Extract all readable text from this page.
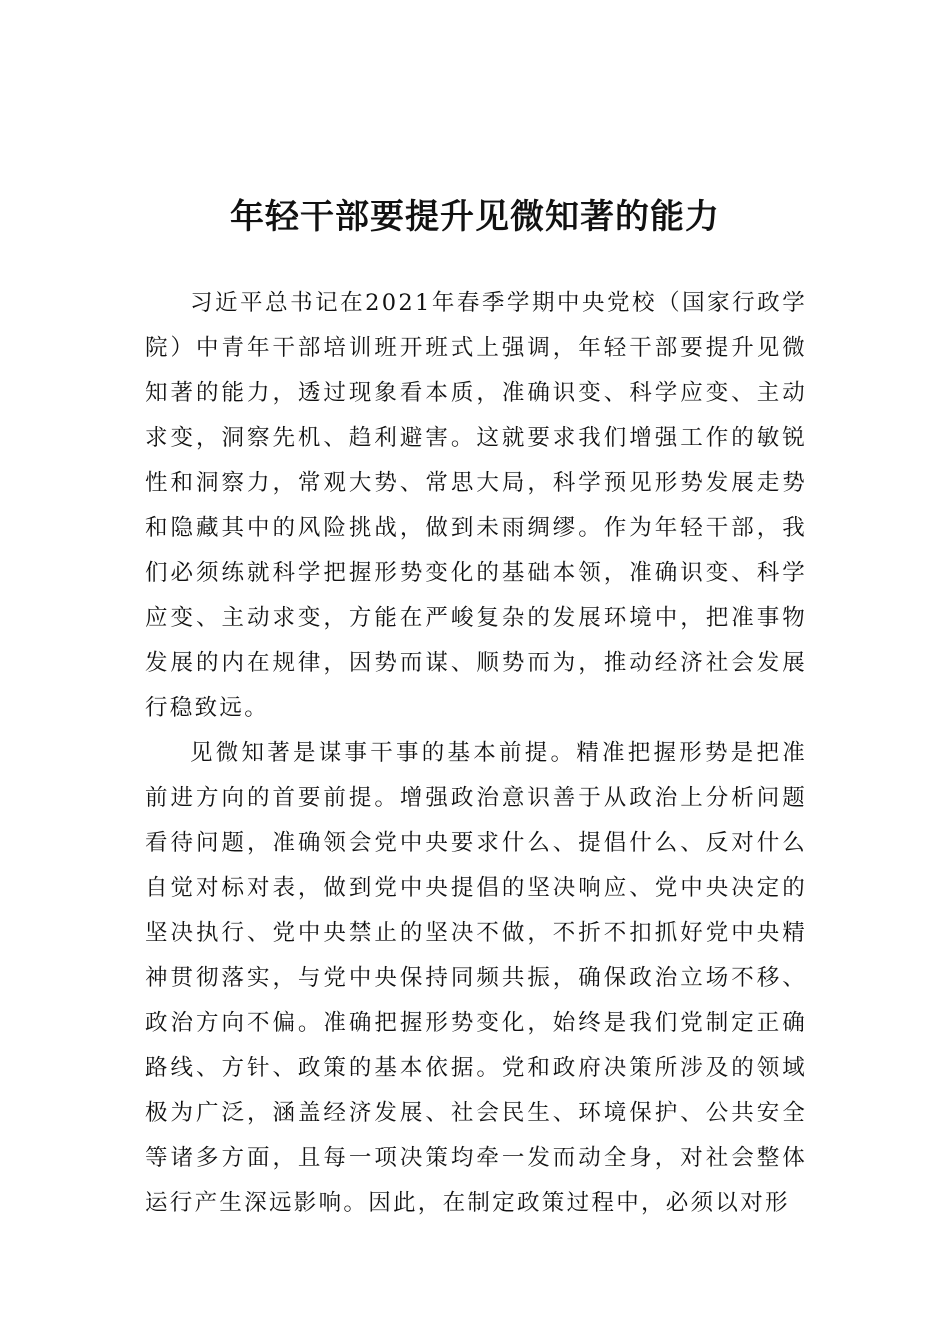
年轻干部要提升见微知著的能力

习近平总书记在2021年春季学期中央党校（国家行政学院）中青年干部培训班开班式上强调，年轻干部要提升见微知著的能力，透过现象看本质，准确识变、科学应变、主动求变，洞察先机、趋利避害。这就要求我们增强工作的敏锐性和洞察力，常观大势、常思大局，科学预见形势发展走势和隐藏其中的风险挑战，做到未雨绸缪。作为年轻干部，我们必须练就科学把握形势变化的基础本领，准确识变、科学应变、主动求变，方能在严峻复杂的发展环境中，把准事物发展的内在规律，因势而谋、顺势而为，推动经济社会发展行稳致远。

见微知著是谋事干事的基本前提。精准把握形势是把准前进方向的首要前提。增强政治意识善于从政治上分析问题看待问题，准确领会党中央要求什么、提倡什么、反对什么自觉对标对表，做到党中央提倡的坚决响应、党中央决定的坚决执行、党中央禁止的坚决不做，不折不扣抓好党中央精神贯彻落实，与党中央保持同频共振，确保政治立场不移、政治方向不偏。准确把握形势变化，始终是我们党制定正确路线、方针、政策的基本依据。党和政府决策所涉及的领域极为广泛，涵盖经济发展、社会民生、环境保护、公共安全等诸多方面，且每一项决策均牵一发而动全身，对社会整体运行产生深远影响。因此，在制定政策过程中，必须以对形
